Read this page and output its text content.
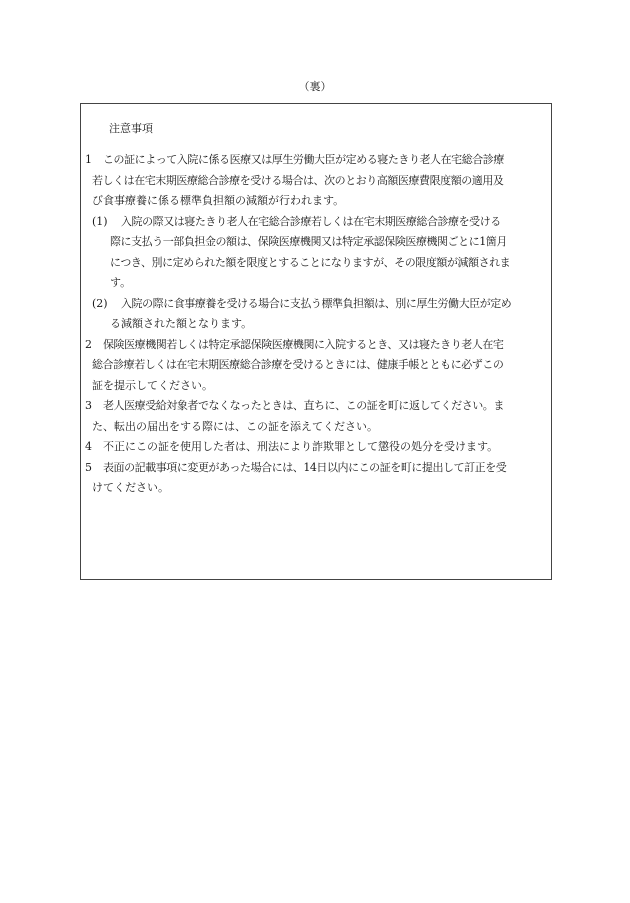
（裏）
注意事項
1	この証によって入院に係る医療又は厚生労働大臣が定める寝たきり老人在宅総合診療
若しくは在宅末期医療総合診療を受ける場合は、次のとおり高額医療費限度額の適用及
び食事療養に係る標準負担額の減額が行われます。
(1)	入院の際又は寝たきり老人在宅総合診療若しくは在宅末期医療総合診療を受ける
際に支払う一部負担金の額は、保険医療機関又は特定承認保険医療機関ごとに1箇月
につき、別に定められた額を限度とすることになりますが、その限度額が減額されま
す。
(2)	入院の際に食事療養を受ける場合に支払う標準負担額は、別に厚生労働大臣が定め
る減額された額となります。
2	保険医療機関若しくは特定承認保険医療機関に入院するとき、又は寝たきり老人在宅
総合診療若しくは在宅末期医療総合診療を受けるときには、健康手帳とともに必ずこの
証を提示してください。
3	老人医療受給対象者でなくなったときは、直ちに、この証を町に返してください。ま
た、転出の届出をする際には、この証を添えてください。
4	不正にこの証を使用した者は、刑法により詐欺罪として懲役の処分を受けます。
5	表面の記載事項に変更があった場合には、14日以内にこの証を町に提出して訂正を受
けてください。
